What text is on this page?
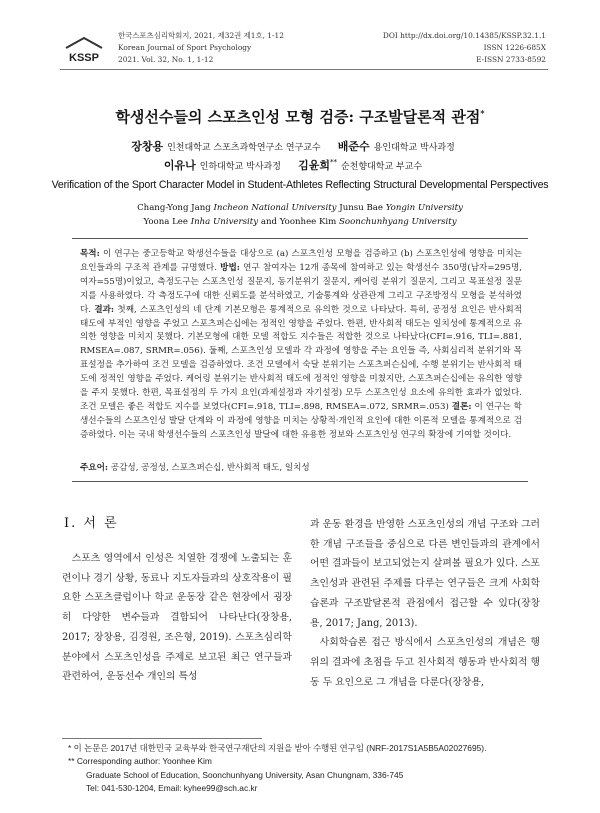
KSSP
한국스포츠심리학회지, 2021, 제32권 제1호, 1-12
Korean Journal of Sport Psychology
2021. Vol. 32, No. 1, 1-12
DOI http://dx.doi.org/10.14385/KSSP.32.1.1
ISSN 1226-685X
E-ISSN 2733-8592
학생선수들의 스포츠인성 모형 검증: 구조발달론적 관점*
장창용 인천대학교 스포츠과학연구소 연구교수 배준수 용인대학교 박사과정
이유나 인하대학교 박사과정 김윤희** 순천향대학교 부교수
Verification of the Sport Character Model in Student-Athletes Reflecting Structural Developmental Perspectives
Chang-Yong Jang Incheon National University Junsu Bae Yongin University
Yoona Lee Inha University and Yoonhee Kim Soonchunhyang University

목적: 이 연구는 중고등학교 학생선수들을 대상으로 (a) 스포츠인성 모형을 검증하고 (b) 스포츠인성에 영향을 미치는 요인들과의 구조적 관계를 규명했다. 방법: 연구 참여자는 12개 종목에 참여하고 있는 학생선수 350명(남자=295명, 여자=55명)이었고, 측정도구는 스포츠인성 질문지, 동기분위기 질문지, 케어링 분위기 질문지, 그리고 목표설정 질문지를 사용하였다. 각 측정도구에 대한 신뢰도를 분석하였고, 기술통계와 상관관계 그리고 구조방정식 모형을 분석하였다. 결과: 첫째, 스포츠인성의 네 단계 기본모형은 통계적으로 유의한 것으로 나타났다. 특히, 공정성 요인은 반사회적 태도에 부적인 영향을 주었고 스포츠퍼슨십에는 정적인 영향을 주었다. 한편, 반사회적 태도는 일치성에 통계적으로 유의한 영향을 미치지 못했다. 기본모형에 대한 모델 적합도 지수들은 적합한 것으로 나타났다(CFI=.916, TLI=.881, RMSEA=.087, SRMR=.056). 둘째, 스포츠인성 모델과 각 과정에 영향을 주는 요인들 즉, 사회심리적 분위기와 목표설정을 추가하여 조건 모델을 검증하였다. 조건 모델에서 숙달 분위기는 스포츠퍼슨십에, 수행 분위기는 반사회적 태도에 정적인 영향을 주었다. 케어링 분위기는 반사회적 태도에 정적인 영향을 미쳤지만, 스포츠퍼슨십에는 유의한 영향을 주지 못했다. 한편, 목표설정의 두 가지 요인(과제설정과 자기설정) 모두 스포츠인성 요소에 유의한 효과가 없었다. 조건 모델은 좋은 적합도 지수를 보였다(CFI=.918, TLI=.898, RMSEA=.072, SRMR=.053) 결론: 이 연구는 학생선수들의 스포츠인성 발달 단계와 이 과정에 영향을 미치는 상황적·개인적 요인에 대한 이론적 모델을 통계적으로 검증하였다. 이는 국내 학생선수들의 스포츠인성 발달에 대한 유용한 정보와 스포츠인성 연구의 확장에 기여할 것이다.

주요어: 공감성, 공정성, 스포츠퍼슨십, 반사회적 태도, 일치성
I. 서 론

스포츠 영역에서 인성은 치열한 경쟁에 노출되는 훈련이나 경기 상황, 동료나 지도자들과의 상호작용이 필요한 스포츠클럽이나 학교 운동장 같은 현장에서 굉장히 다양한 변수들과 결합되어 나타난다(장창용, 2017; 장창용, 김경원, 조은형, 2019). 스포츠심리학 분야에서 스포츠인성을 주제로 보고된 최근 연구들과 관련하여, 운동선수 개인의 특성

과 운동 환경을 반영한 스포츠인성의 개념 구조와 그러한 개념 구조들을 중심으로 다른 변인들과의 관계에서 어떤 결과들이 보고되었는지 살펴볼 필요가 있다. 스포츠인성과 관련된 주제를 다루는 연구들은 크게 사회학습론과 구조발달론적 관점에서 접근할 수 있다(장창용, 2017; Jang, 2013).

사회학습론 접근 방식에서 스포츠인성의 개념은 행위의 결과에 초점을 두고 친사회적 행동과 반사회적 행동 두 요인으로 그 개념을 다룬다(장창용,

* 이 논문은 2017년 대한민국 교육부와 한국연구재단의 지원을 받아 수행된 연구임 (NRF-2017S1A5B5A02027695).
** Corresponding author: Yoonhee Kim
Graduate School of Education, Soonchunhyang University, Asan Chungnam, 336-745
Tel: 041-530-1204, Email: kyhee99@sch.ac.kr
